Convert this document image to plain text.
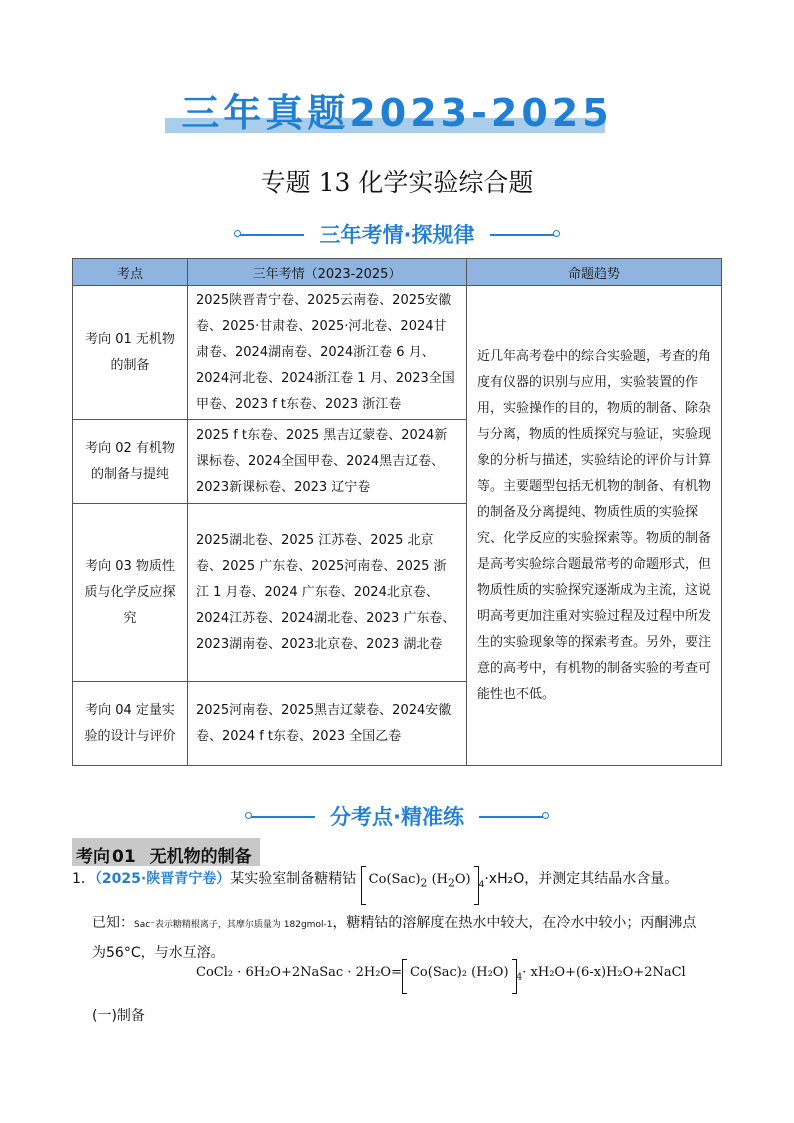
三年真题2023-2025
专题 13 化学实验综合题
三年考情·探规律
考点	三年考情（2023-2025）	命题趋势
考向 01 无机物的制备	2025陕晋青宁卷、2025云南卷、2025安徽卷、2025·甘肃卷、2025·河北卷、2024甘肃卷、2024湖南卷、2024浙江卷 6 月、2024河北卷、2024浙江卷 1 月、2023全国甲卷、2023 f t东卷、2023 浙江卷	近几年高考卷中的综合实验题，考查的角度有仪器的识别与应用，实验装置的作用，实验操作的目的，物质的制备、除杂与分离，物质的性质探究与验证，实验现象的分析与描述，实验结论的评价与计算等。主要题型包括无机物的制备、有机物的制备及分离提纯、物质性质的实验探究、化学反应的实验探索等。物质的制备是高考实验综合题最常考的命题形式，但物质性质的实验探究逐渐成为主流，这说明高考更加注重对实验过程及过程中所发生的实验现象等的探索考查。另外，要注意的高考中，有机物的制备实验的考查可能性也不低。
考向 02 有机物的制备与提纯	2025 f t东卷、2025 黑吉辽蒙卷、2024新课标卷、2024全国甲卷、2024黑吉辽卷、2023新课标卷、2023 辽宁卷	
考向 03 物质性质与化学反应探究	2025湖北卷、2025 江苏卷、2025 北京卷、2025 广东卷、2025河南卷、2025 浙江 1 月卷、2024 广东卷、2024北京卷、2024江苏卷、2024湖北卷、2023 广东卷、2023湖南卷、2023北京卷、2023 湖北卷	
考向 04 定量实验的设计与评价	2025河南卷、2025黑吉辽蒙卷、2024安徽卷、2024 f t东卷、2023 全国乙卷	
分考点·精准练
考向 01 无机物的制备
1．（2025·陕晋青宁卷）某实验室制备糖精钴 $Co(Sac)_2$ $(H_2O)$ $_4$·xH₂O，并测定其结晶水含量。
已知：Sac⁻表示糖精根离子，其摩尔质量为 182gmol-1，糖精钴的溶解度在热水中较大，在冷水中较小；丙酮沸点
为56°C，与水互溶。
CoCl₂ · 6H₂O+2NaSac · 2H₂O= Co(Sac)₂ (H₂O) $_4$· xH₂O+(6-x)H₂O+2NaCl
(一)制备
